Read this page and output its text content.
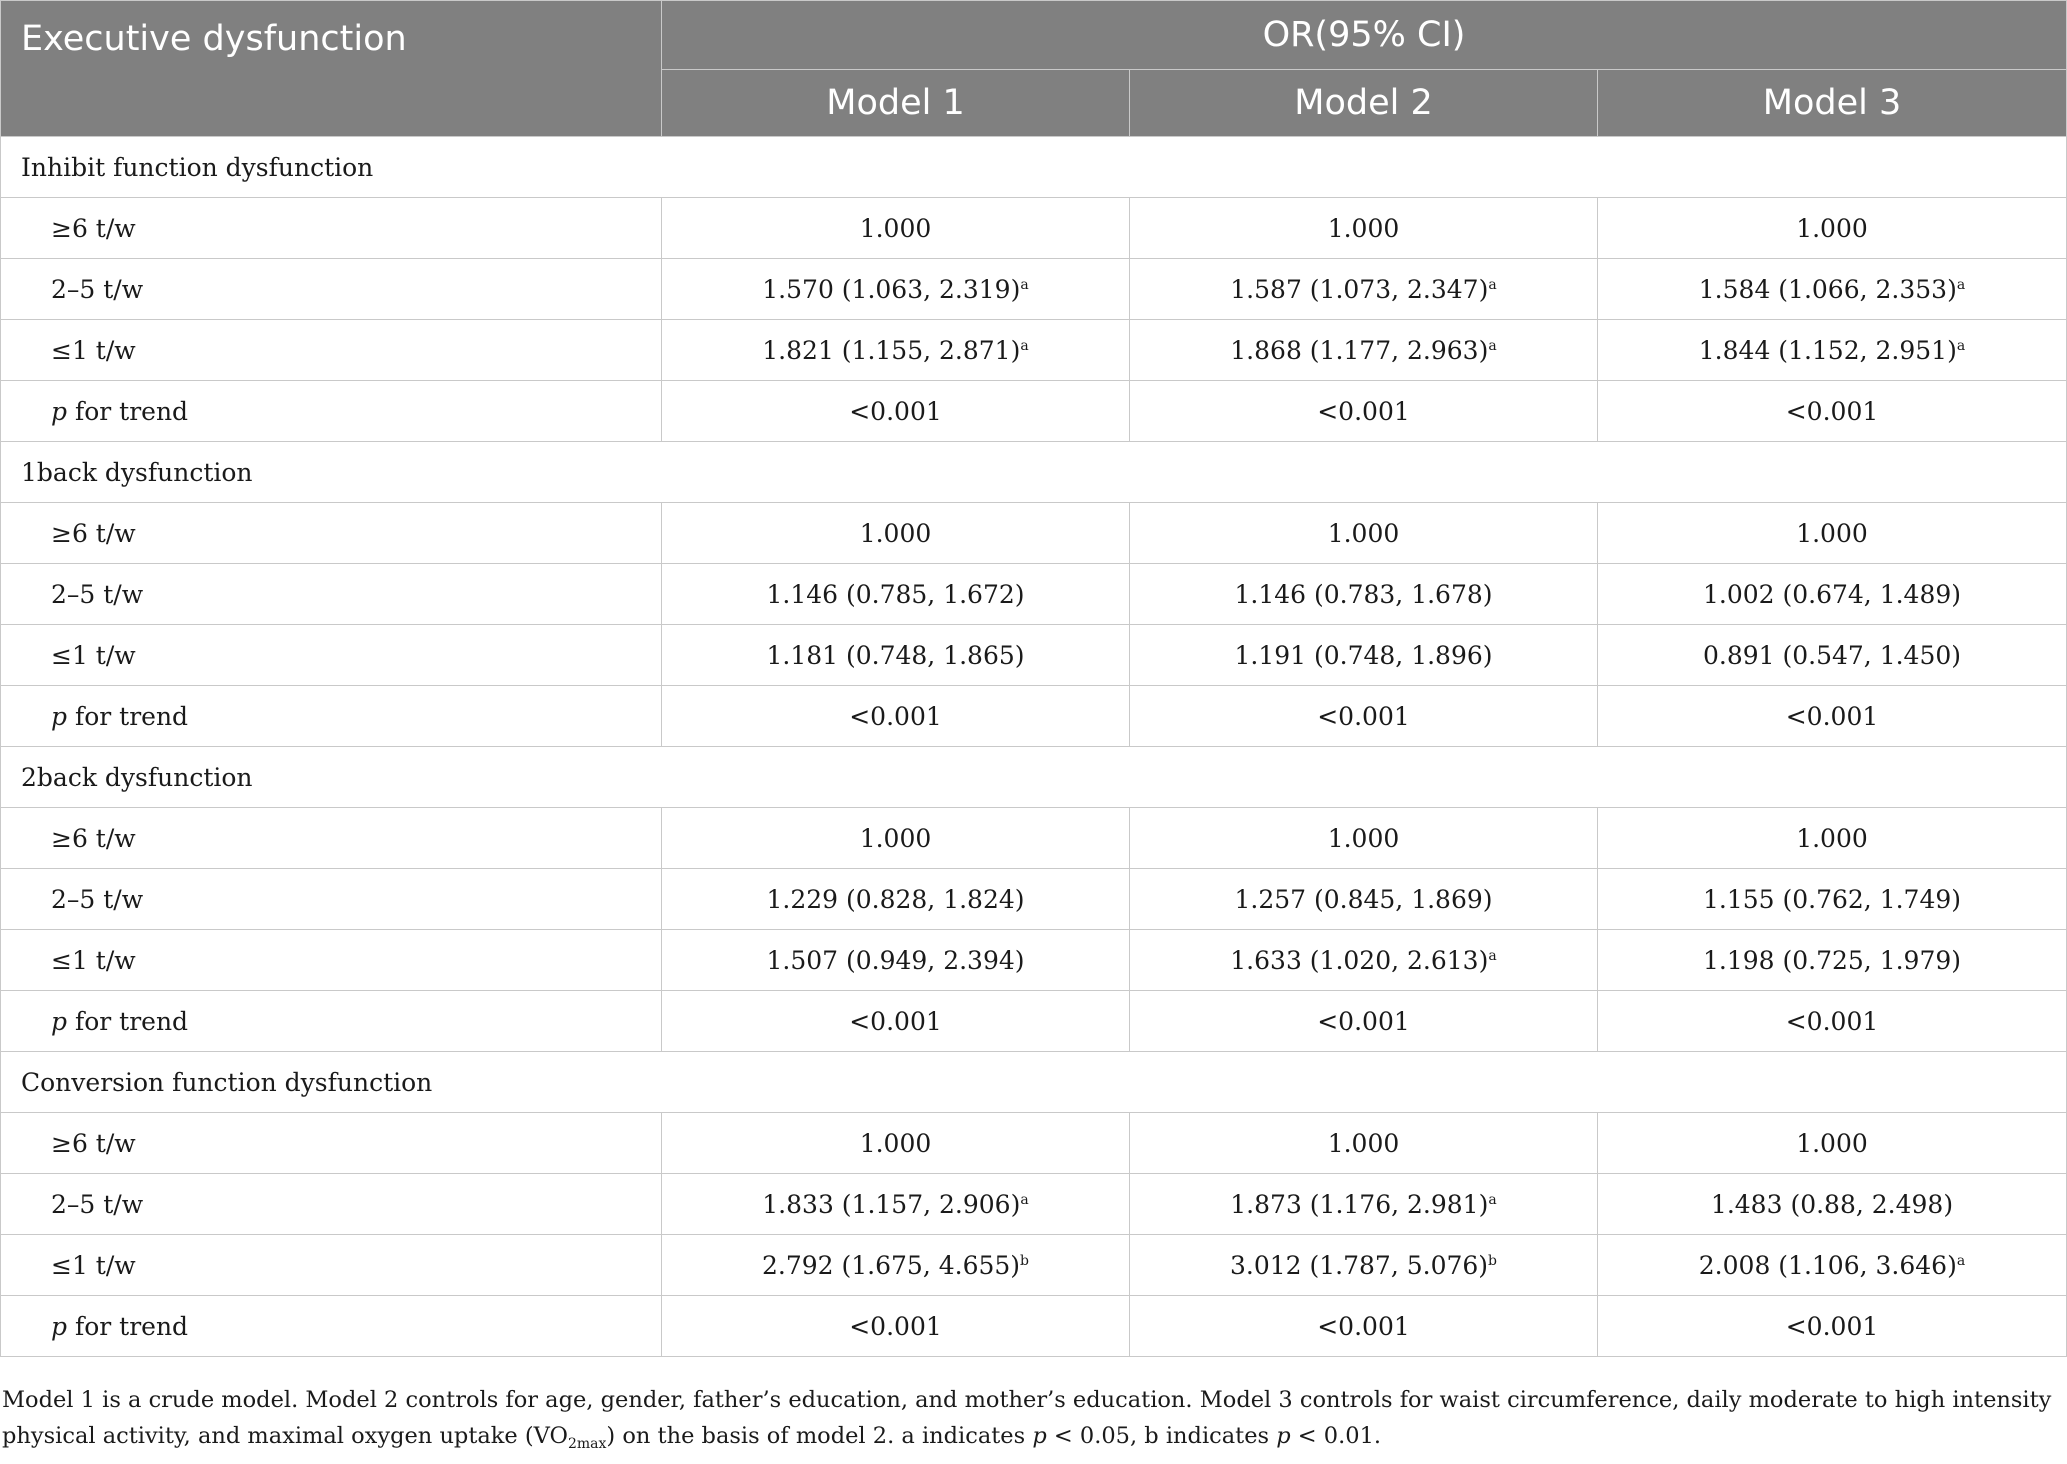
Executive dysfunction	OR(95% CI)		
	Model 1	Model 2	Model 3
Inhibit function dysfunction			
≥6 t/w	1.000	1.000	1.000
2–5 t/w	1.570 (1.063, 2.319)$^a$	1.587 (1.073, 2.347)$^a$	1.584 (1.066, 2.353)$^a$
≤1 t/w	1.821 (1.155, 2.871)$^a$	1.868 (1.177, 2.963)$^a$	1.844 (1.152, 2.951)$^a$
p for trend	<0.001	<0.001	<0.001
1back dysfunction			
≥6 t/w	1.000	1.000	1.000
2–5 t/w	1.146 (0.785, 1.672)	1.146 (0.783, 1.678)	1.002 (0.674, 1.489)
≤1 t/w	1.181 (0.748, 1.865)	1.191 (0.748, 1.896)	0.891 (0.547, 1.450)
p for trend	<0.001	<0.001	<0.001
2back dysfunction			
≥6 t/w	1.000	1.000	1.000
2–5 t/w	1.229 (0.828, 1.824)	1.257 (0.845, 1.869)	1.155 (0.762, 1.749)
≤1 t/w	1.507 (0.949, 2.394)	1.633 (1.020, 2.613)$^a$	1.198 (0.725, 1.979)
p for trend	<0.001	<0.001	<0.001
Conversion function dysfunction			
≥6 t/w	1.000	1.000	1.000
2–5 t/w	1.833 (1.157, 2.906)$^a$	1.873 (1.176, 2.981)$^a$	1.483 (0.88, 2.498)
≤1 t/w	2.792 (1.675, 4.655)$^b$	3.012 (1.787, 5.076)$^b$	2.008 (1.106, 3.646)$^a$
p for trend	<0.001	<0.001	<0.001
Model 1 is a crude model. Model 2 controls for age, gender, father’s education, and mother’s education. Model 3 controls for waist circumference, daily moderate to high intensity physical activity, and maximal oxygen uptake $(VO_{2max})$ on the basis of model 2. a indicates p < 0.05, b indicates p < 0.01.
